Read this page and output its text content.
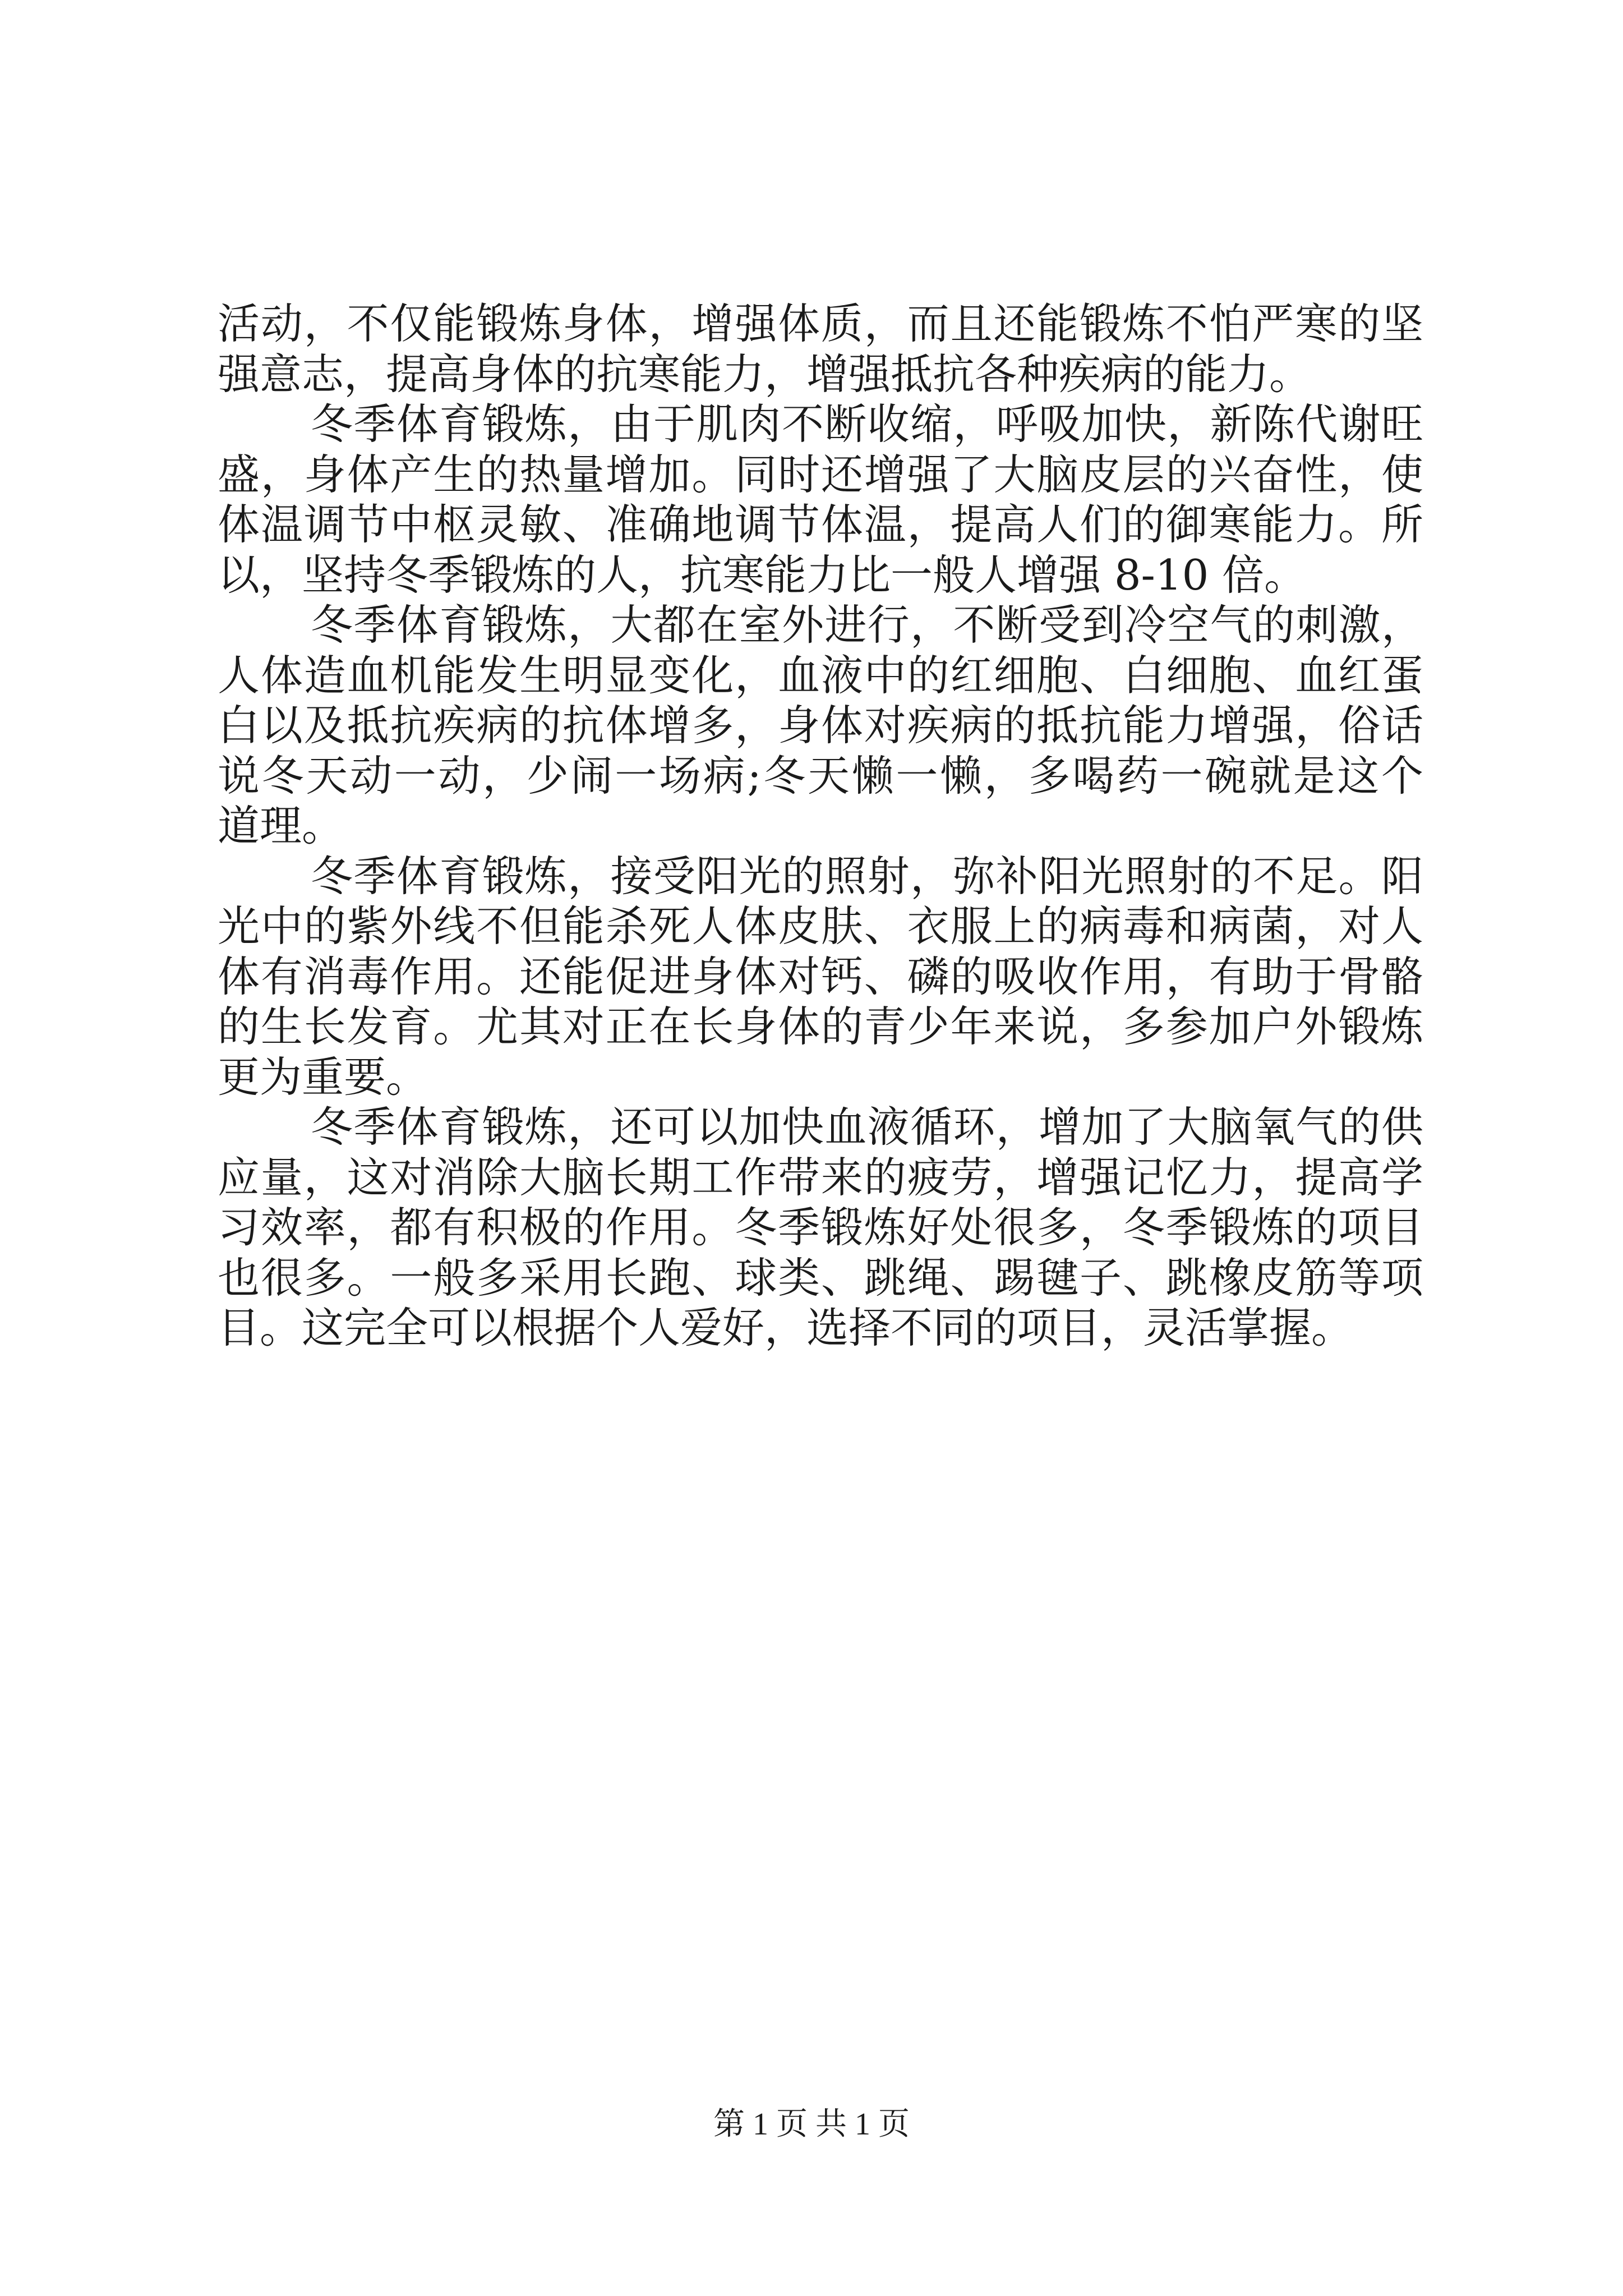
活动，不仅能锻炼身体，增强体质，而且还能锻炼不怕严寒的坚
强意志，提高身体的抗寒能力，增强抵抗各种疾病的能力。

冬季体育锻炼，由于肌肉不断收缩，呼吸加快，新陈代谢旺
盛，身体产生的热量增加。同时还增强了大脑皮层的兴奋性，使
体温调节中枢灵敏、准确地调节体温，提高人们的御寒能力。所
以，坚持冬季锻炼的人，抗寒能力比一般人增强 8-10 倍。

冬季体育锻炼，大都在室外进行，不断受到冷空气的刺激，
人体造血机能发生明显变化，血液中的红细胞、白细胞、血红蛋
白以及抵抗疾病的抗体增多，身体对疾病的抵抗能力增强，俗话
说冬天动一动，少闹一场病;冬天懒一懒，多喝药一碗就是这个
道理。

冬季体育锻炼，接受阳光的照射，弥补阳光照射的不足。阳
光中的紫外线不但能杀死人体皮肤、衣服上的病毒和病菌，对人
体有消毒作用。还能促进身体对钙、磷的吸收作用，有助于骨骼
的生长发育。尤其对正在长身体的青少年来说，多参加户外锻炼
更为重要。

冬季体育锻炼，还可以加快血液循环，增加了大脑氧气的供
应量，这对消除大脑长期工作带来的疲劳，增强记忆力，提高学
习效率，都有积极的作用。冬季锻炼好处很多，冬季锻炼的项目
也很多。一般多采用长跑、球类、跳绳、踢毽子、跳橡皮筋等项
目。这完全可以根据个人爱好，选择不同的项目，灵活掌握。

第 1 页 共 1 页
